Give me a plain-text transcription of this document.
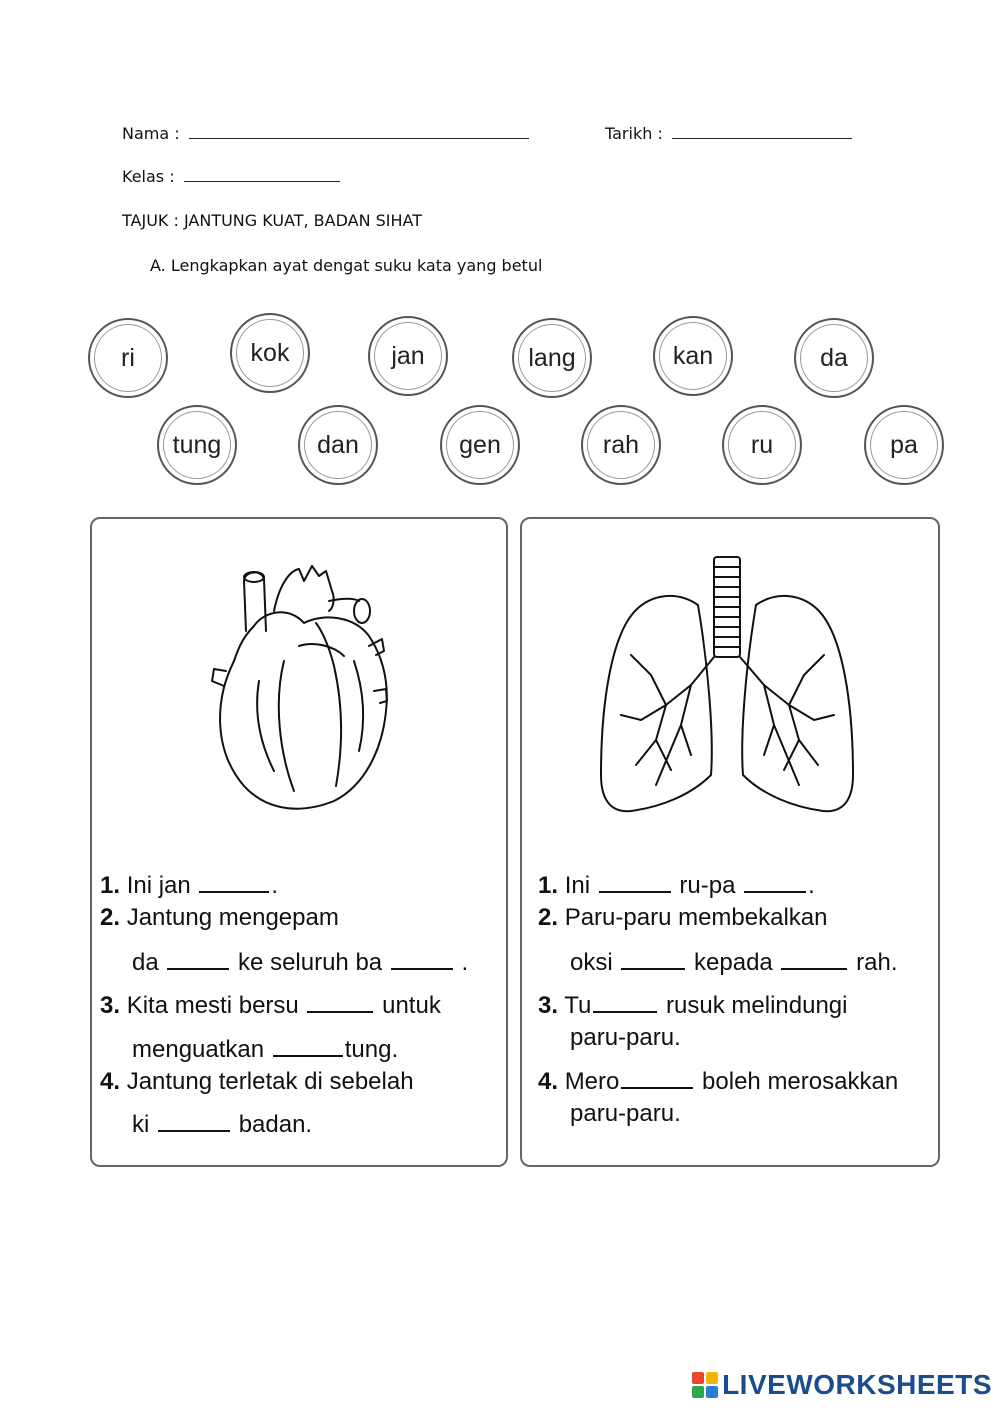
Nama :	Tarikh :
Kelas :
TAJUK : JANTUNG KUAT, BADAN SIHAT
A. Lengkapkan ayat dengat suku kata yang betul
ri	kok	jan	lang	kan	da
tung	dan	gen	rah	ru	pa
1. Ini jan	.
2. Jantung mengepam
da	ke seluruh ba	.
3. Kita mesti bersu	untuk
menguatkan	tung.
4. Jantung terletak di sebelah
ki	badan.
1. Ini	ru-pa	.
2. Paru-paru membekalkan
oksi	kepada	rah.
3. Tu	rusuk melindungi
paru-paru.
4. Mero	boleh merosakkan
paru-paru.
LIVEWORKSHEETS
